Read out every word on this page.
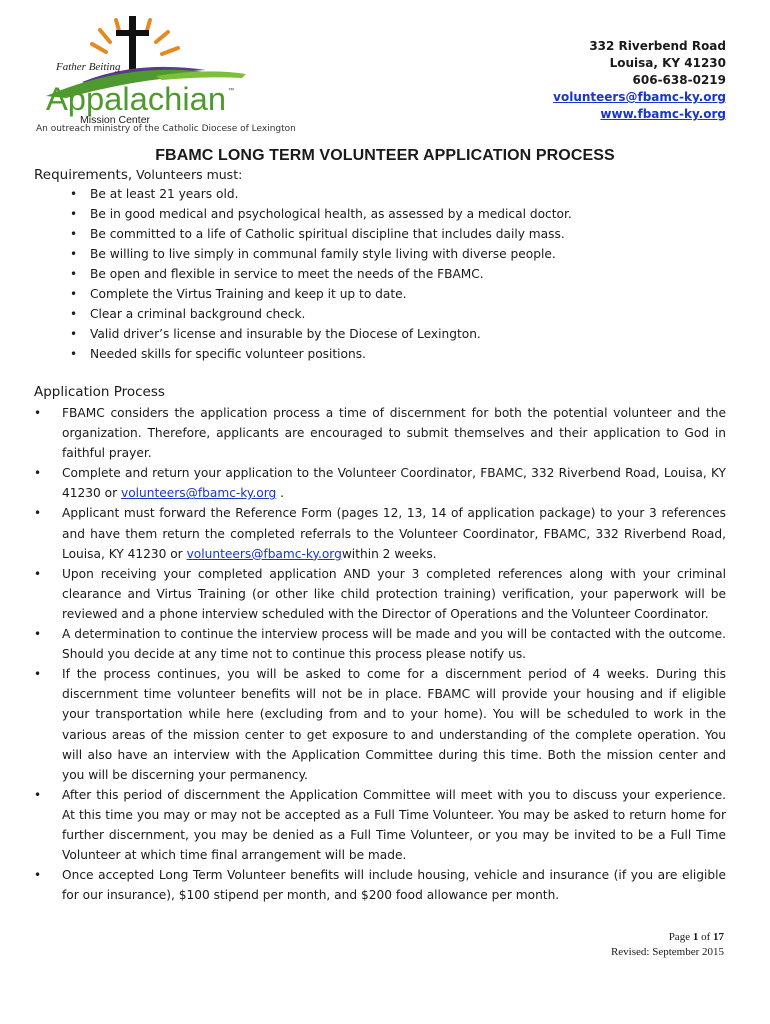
Father Beiting
Appalachian ™
Mission Center
An outreach ministry of the Catholic Diocese of Lexington
332 Riverbend Road
Louisa, KY 41230
606-638-0219
volunteers@fbamc-ky.org
www.fbamc-ky.org
FBAMC LONG TERM VOLUNTEER APPLICATION PROCESS
Requirements, Volunteers must:
• Be at least 21 years old.
• Be in good medical and psychological health, as assessed by a medical doctor.
• Be committed to a life of Catholic spiritual discipline that includes daily mass.
• Be willing to live simply in communal family style living with diverse people.
• Be open and flexible in service to meet the needs of the FBAMC.
• Complete the Virtus Training and keep it up to date.
• Clear a criminal background check.
• Valid driver’s license and insurable by the Diocese of Lexington.
• Needed skills for specific volunteer positions.
Application Process
• FBAMC considers the application process a time of discernment for both the potential volunteer and the organization. Therefore, applicants are encouraged to submit themselves and their application to God in faithful prayer.
• Complete and return your application to the Volunteer Coordinator, FBAMC, 332 Riverbend Road, Louisa, KY 41230 or volunteers@fbamc-ky.org .
• Applicant must forward the Reference Form (pages 12, 13, 14 of application package) to your 3 references and have them return the completed referrals to the Volunteer Coordinator, FBAMC, 332 Riverbend Road, Louisa, KY 41230 or volunteers@fbamc-ky.orgwithin 2 weeks.
• Upon receiving your completed application AND your 3 completed references along with your criminal clearance and Virtus Training (or other like child protection training) verification, your paperwork will be reviewed and a phone interview scheduled with the Director of Operations and the Volunteer Coordinator.
• A determination to continue the interview process will be made and you will be contacted with the outcome. Should you decide at any time not to continue this process please notify us.
• If the process continues, you will be asked to come for a discernment period of 4 weeks. During this discernment time volunteer benefits will not be in place. FBAMC will provide your housing and if eligible your transportation while here (excluding from and to your home). You will be scheduled to work in the various areas of the mission center to get exposure to and understanding of the complete operation. You will also have an interview with the Application Committee during this time. Both the mission center and you will be discerning your permanency.
• After this period of discernment the Application Committee will meet with you to discuss your experience. At this time you may or may not be accepted as a Full Time Volunteer. You may be asked to return home for further discernment, you may be denied as a Full Time Volunteer, or you may be invited to be a Full Time Volunteer at which time final arrangement will be made.
• Once accepted Long Term Volunteer benefits will include housing, vehicle and insurance (if you are eligible for our insurance), $100 stipend per month, and $200 food allowance per month.
Page 1 of 17
Revised: September 2015
